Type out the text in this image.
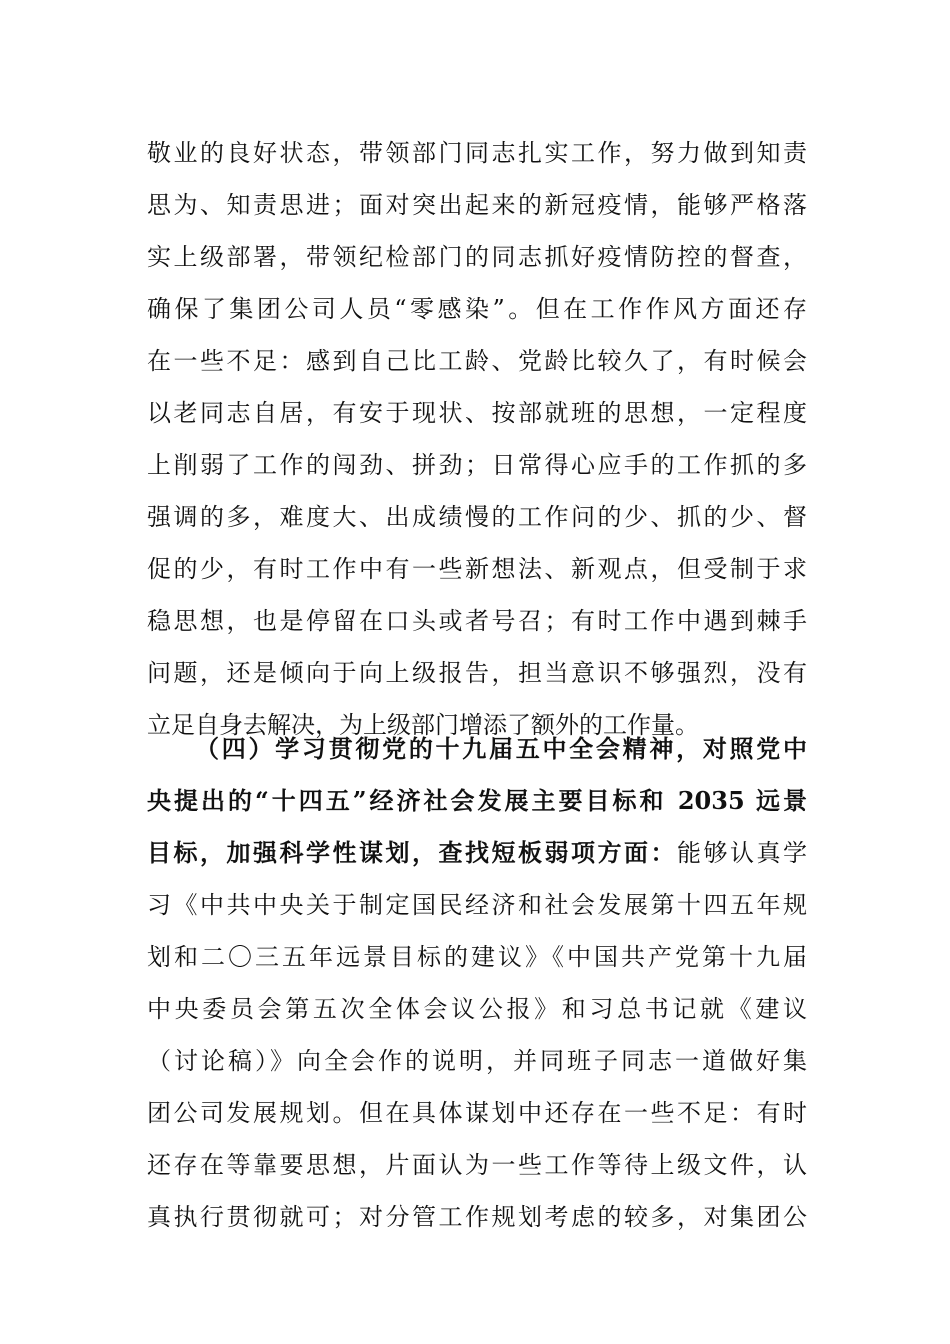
敬业的良好状态，带领部门同志扎实工作，努力做到知责
思为、知责思进；面对突出起来的新冠疫情，能够严格落
实上级部署，带领纪检部门的同志抓好疫情防控的督查，
确保了集团公司人员“零感染”。但在工作作风方面还存
在一些不足：感到自己比工龄、党龄比较久了，有时候会
以老同志自居，有安于现状、按部就班的思想，一定程度
上削弱了工作的闯劲、拼劲；日常得心应手的工作抓的多
强调的多，难度大、出成绩慢的工作问的少、抓的少、督
促的少，有时工作中有一些新想法、新观点，但受制于求
稳思想，也是停留在口头或者号召；有时工作中遇到棘手
问题，还是倾向于向上级报告，担当意识不够强烈，没有
立足自身去解决，为上级部门增添了额外的工作量。
（四）学习贯彻党的十九届五中全会精神，对照党中
央提出的“十四五”经济社会发展主要目标和 2035 远景
目标，加强科学性谋划，查找短板弱项方面：能够认真学
习《中共中央关于制定国民经济和社会发展第十四五年规
划和二〇三五年远景目标的建议》《中国共产党第十九届
中央委员会第五次全体会议公报》和习总书记就《建议
（讨论稿）》向全会作的说明，并同班子同志一道做好集
团公司发展规划。但在具体谋划中还存在一些不足：有时
还存在等靠要思想，片面认为一些工作等待上级文件，认
真执行贯彻就可；对分管工作规划考虑的较多，对集团公
